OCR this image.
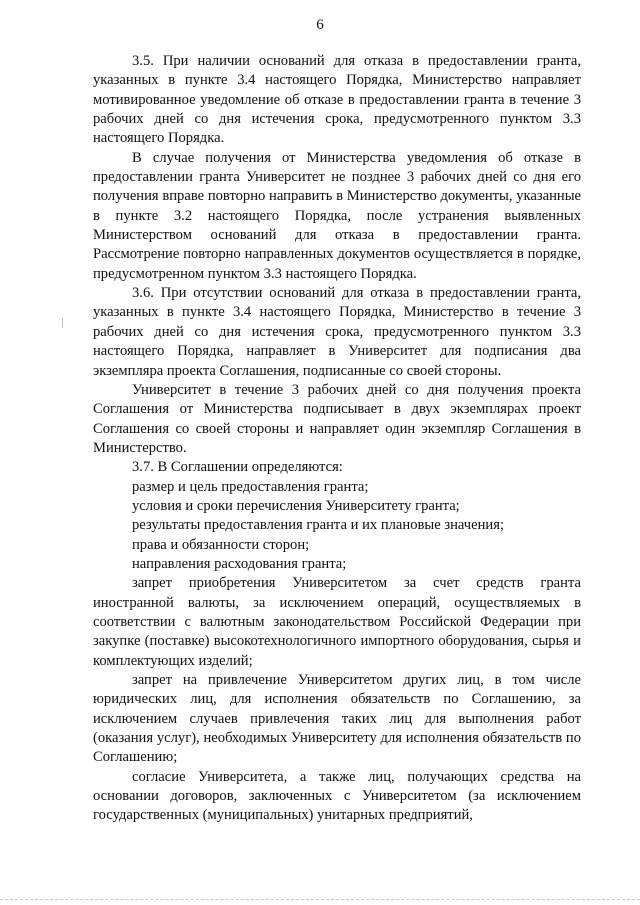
6

3.5. При наличии оснований для отказа в предоставлении гранта, указанных в пункте 3.4 настоящего Порядка, Министерство направляет мотивированное уведомление об отказе в предоставлении гранта в течение 3 рабочих дней со дня истечения срока, предусмотренного пунктом 3.3 настоящего Порядка.

В случае получения от Министерства уведомления об отказе в предоставлении гранта Университет не позднее 3 рабочих дней со дня его получения вправе повторно направить в Министерство документы, указанные в пункте 3.2 настоящего Порядка, после устранения выявленных Министерством оснований для отказа в предоставлении гранта. Рассмотрение повторно направленных документов осуществляется в порядке, предусмотренном пунктом 3.3 настоящего Порядка.

3.6. При отсутствии оснований для отказа в предоставлении гранта, указанных в пункте 3.4 настоящего Порядка, Министерство в течение 3 рабочих дней со дня истечения срока, предусмотренного пунктом 3.3 настоящего Порядка, направляет в Университет для подписания два экземпляра проекта Соглашения, подписанные со своей стороны.

Университет в течение 3 рабочих дней со дня получения проекта Соглашения от Министерства подписывает в двух экземплярах проект Соглашения со своей стороны и направляет один экземпляр Соглашения в Министерство.

3.7. В Соглашении определяются:

размер и цель предоставления гранта;

условия и сроки перечисления Университету гранта;

результаты предоставления гранта и их плановые значения;

права и обязанности сторон;

направления расходования гранта;

запрет приобретения Университетом за счет средств гранта иностранной валюты, за исключением операций, осуществляемых в соответствии с валютным законодательством Российской Федерации при закупке (поставке) высокотехнологичного импортного оборудования, сырья и комплектующих изделий;

запрет на привлечение Университетом других лиц, в том числе юридических лиц, для исполнения обязательств по Соглашению, за исключением случаев привлечения таких лиц для выполнения работ (оказания услуг), необходимых Университету для исполнения обязательств по Соглашению;

согласие Университета, а также лиц, получающих средства на основании договоров, заключенных с Университетом (за исключением государственных (муниципальных) унитарных предприятий,
